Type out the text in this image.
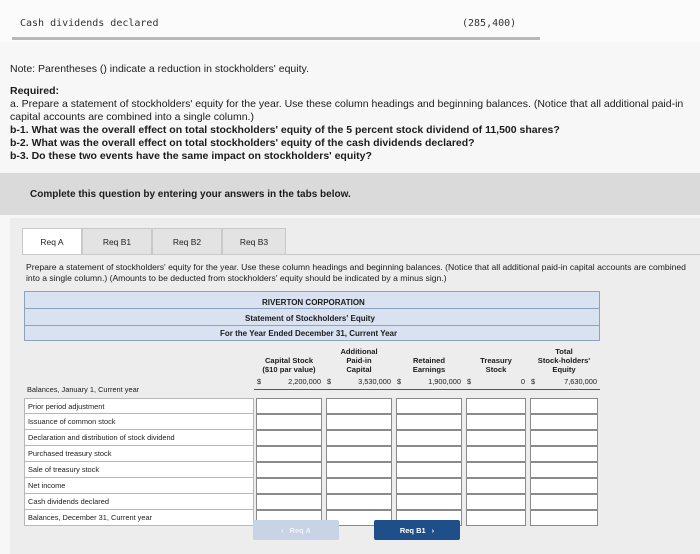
Cash dividends declared	(285,400)
Note: Parentheses () indicate a reduction in stockholders' equity.
Required:
a. Prepare a statement of stockholders' equity for the year. Use these column headings and beginning balances. (Notice that all additional paid-in capital accounts are combined into a single column.)
b-1. What was the overall effect on total stockholders' equity of the 5 percent stock dividend of 11,500 shares?
b-2. What was the overall effect on total stockholders' equity of the cash dividends declared?
b-3. Do these two events have the same impact on stockholders' equity?
Complete this question by entering your answers in the tabs below.
Req A	Req B1	Req B2	Req B3
Prepare a statement of stockholders' equity for the year. Use these column headings and beginning balances. (Notice that all additional paid-in capital accounts are combined into a single column.) (Amounts to be deducted from stockholders' equity should be indicated by a minus sign.)
RIVERTON CORPORATION
Statement of Stockholders' Equity
For the Year Ended December 31, Current Year
Capital Stock
($10 par value)
Additional
Paid-in
Capital
Retained
Earnings
Treasury
Stock
Total
Stock-holders'
Equity
$	2,200,000 $	3,530,000 $	1,900,000 $	0 $	7,630,000
Balances, January 1, Current year
Prior period adjustment
Issuance of common stock
Declaration and distribution of stock dividend
Purchased treasury stock
Sale of treasury stock
Net income
Cash dividends declared
Balances, December 31, Current year
‹ Req A	Req B1 ›
